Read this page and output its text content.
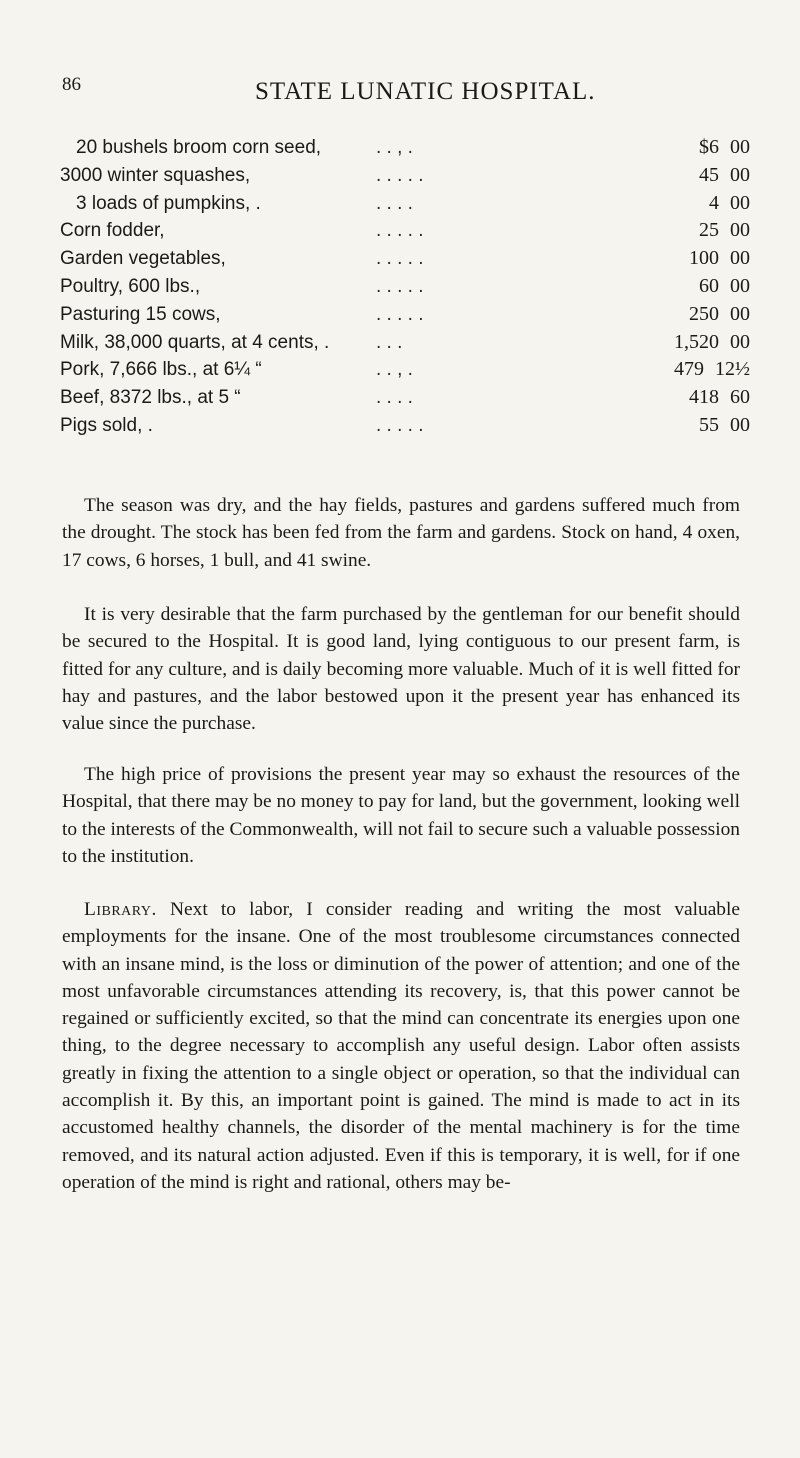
86	STATE LUNATIC HOSPITAL.
20 bushels broom corn seed,	. . , .	$6 00
3000 winter squashes,	. . . . .	45 00
3 loads of pumpkins, .	. . . .	4 00
Corn fodder,	. . . . .	25 00
Garden vegetables,	. . . . .	100 00
Poultry, 600 lbs.,	. . . . .	60 00
Pasturing 15 cows,	. . . . .	250 00
Milk, 38,000 quarts, at 4 cents, . . . .	1,520 00
Pork, 7,666 lbs., at 6¼ “	. . , .	479 12½
Beef, 8372 lbs., at 5 “	. . . .	418 60
Pigs sold, .	. . . . .	55 00

The season was dry, and the hay fields, pastures and gardens suffered much from the drought. The stock has been fed from the farm and gardens. Stock on hand, 4 oxen, 17 cows, 6 horses, 1 bull, and 41 swine.

It is very desirable that the farm purchased by the gentleman for our benefit should be secured to the Hospital. It is good land, lying contiguous to our present farm, is fitted for any culture, and is daily becoming more valuable. Much of it is well fitted for hay and pastures, and the labor bestowed upon it the present year has enhanced its value since the purchase.

The high price of provisions the present year may so exhaust the resources of the Hospital, that there may be no money to pay for land, but the government, looking well to the interests of the Commonwealth, will not fail to secure such a valuable possession to the institution.

Library. Next to labor, I consider reading and writing the most valuable employments for the insane. One of the most troublesome circumstances connected with an insane mind, is the loss or diminution of the power of attention; and one of the most unfavorable circumstances attending its recovery, is, that this power cannot be regained or sufficiently excited, so that the mind can concentrate its energies upon one thing, to the degree necessary to accomplish any useful design. Labor often assists greatly in fixing the attention to a single object or operation, so that the individual can accomplish it. By this, an important point is gained. The mind is made to act in its accustomed healthy channels, the disorder of the mental machinery is for the time removed, and its natural action adjusted. Even if this is temporary, it is well, for if one operation of the mind is right and rational, others may be-
